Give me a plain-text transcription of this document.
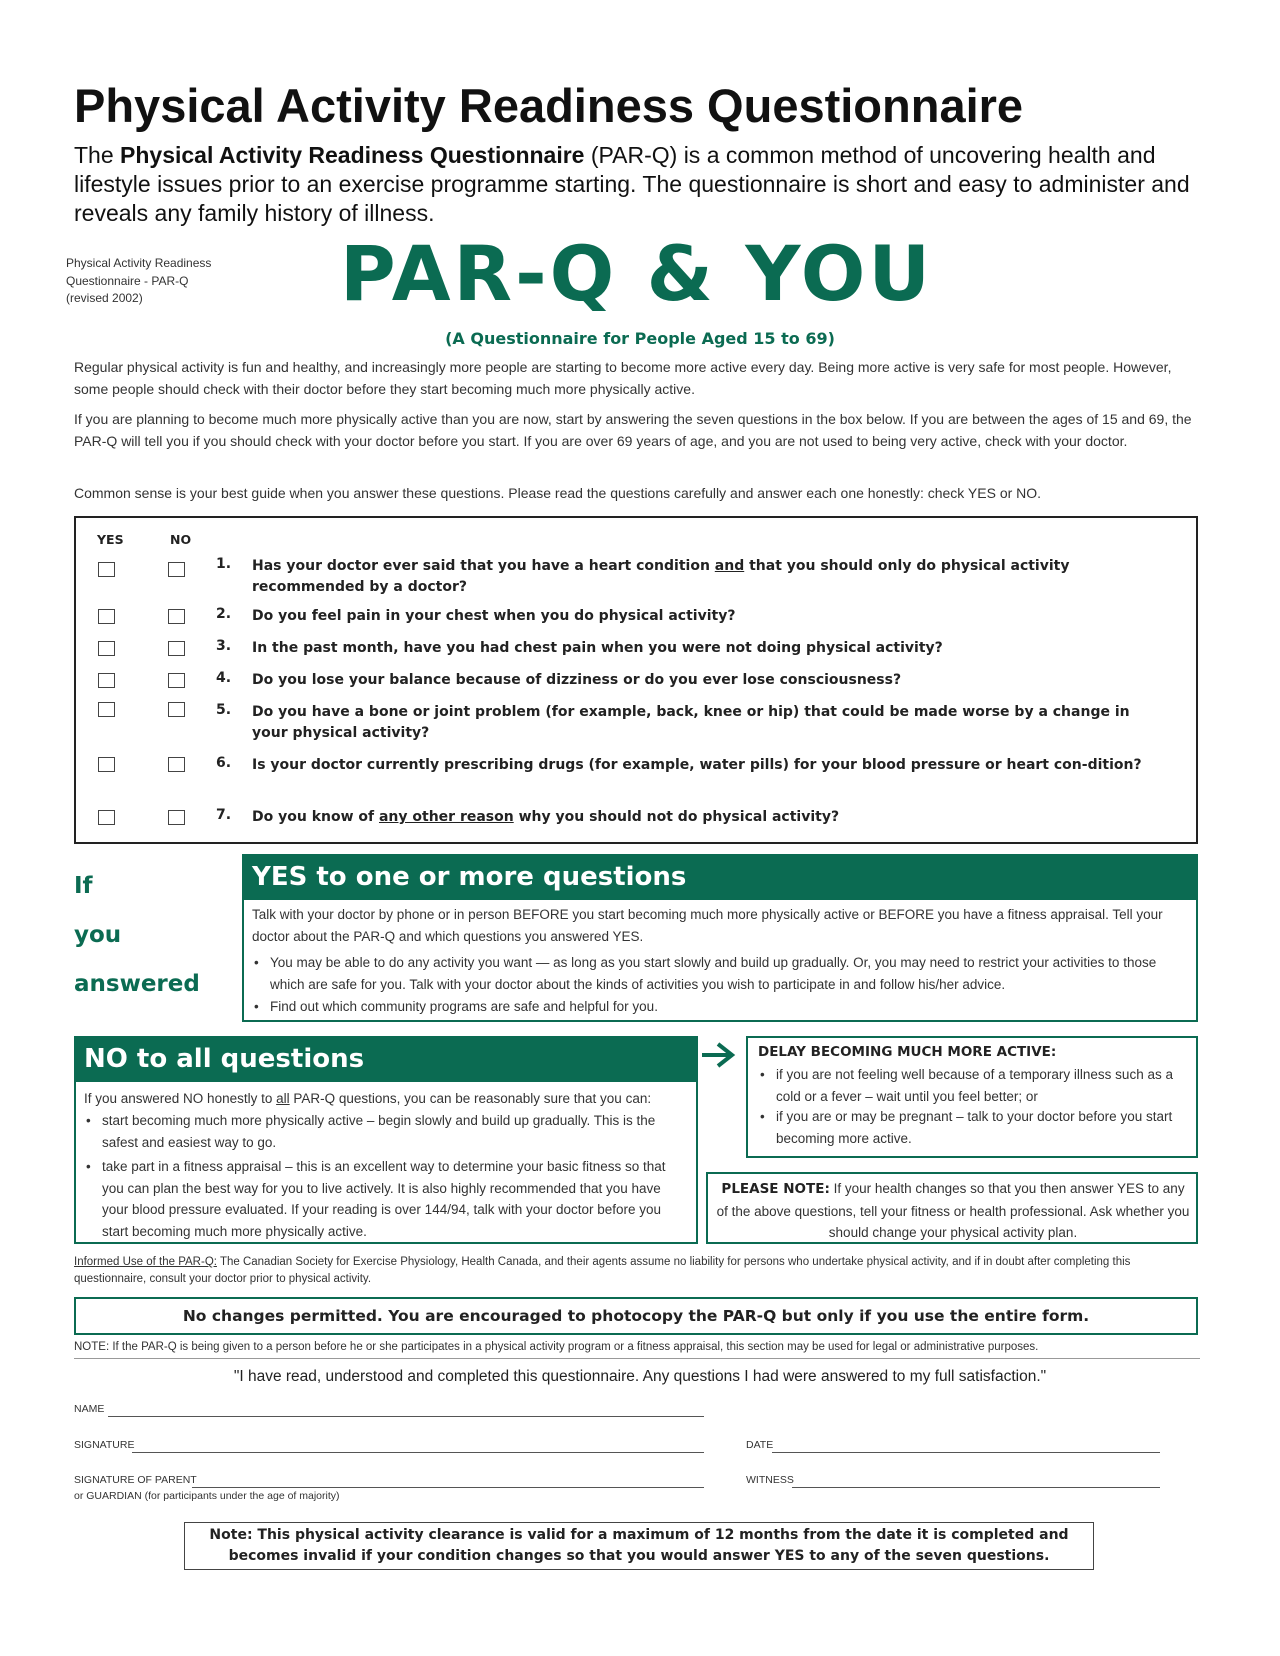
Physical Activity Readiness Questionnaire
The Physical Activity Readiness Questionnaire (PAR-Q) is a common method of uncovering health and lifestyle issues prior to an exercise programme starting. The questionnaire is short and easy to administer and reveals any family history of illness.
Physical Activity Readiness
Questionnaire - PAR-Q
(revised 2002)	PAR-Q & YOU
(A Questionnaire for People Aged 15 to 69)
Regular physical activity is fun and healthy, and increasingly more people are starting to become more active every day. Being more active is very safe for most people. However, some people should check with their doctor before they start becoming much more physically active.
If you are planning to become much more physically active than you are now, start by answering the seven questions in the box below. If you are between the ages of 15 and 69, the PAR-Q will tell you if you should check with your doctor before you start. If you are over 69 years of age, and you are not used to being very active, check with your doctor.
Common sense is your best guide when you answer these questions. Please read the questions carefully and answer each one honestly: check YES or NO.
YES	NO
1. Has your doctor ever said that you have a heart condition and that you should only do physical activity recommended by a doctor?
2. Do you feel pain in your chest when you do physical activity?
3. In the past month, have you had chest pain when you were not doing physical activity?
4. Do you lose your balance because of dizziness or do you ever lose consciousness?
5. Do you have a bone or joint problem (for example, back, knee or hip) that could be made worse by a change in your physical activity?
6. Is your doctor currently prescribing drugs (for example, water pills) for your blood pressure or heart con-dition?
7. Do you know of any other reason why you should not do physical activity?
If
you
answered
YES to one or more questions
Talk with your doctor by phone or in person BEFORE you start becoming much more physically active or BEFORE you have a fitness appraisal. Tell your doctor about the PAR-Q and which questions you answered YES.
• You may be able to do any activity you want — as long as you start slowly and build up gradually. Or, you may need to restrict your activities to those which are safe for you. Talk with your doctor about the kinds of activities you wish to participate in and follow his/her advice.
• Find out which community programs are safe and helpful for you.
NO to all questions
If you answered NO honestly to all PAR-Q questions, you can be reasonably sure that you can:
• start becoming much more physically active – begin slowly and build up gradually. This is the safest and easiest way to go.
• take part in a fitness appraisal – this is an excellent way to determine your basic fitness so that you can plan the best way for you to live actively. It is also highly recommended that you have your blood pressure evaluated. If your reading is over 144/94, talk with your doctor before you start becoming much more physically active.
DELAY BECOMING MUCH MORE ACTIVE:
• if you are not feeling well because of a temporary illness such as a cold or a fever – wait until you feel better; or
• if you are or may be pregnant – talk to your doctor before you start becoming more active.
PLEASE NOTE: If your health changes so that you then answer YES to any of the above questions, tell your fitness or health professional. Ask whether you should change your physical activity plan.
Informed Use of the PAR-Q: The Canadian Society for Exercise Physiology, Health Canada, and their agents assume no liability for persons who undertake physical activity, and if in doubt after completing this questionnaire, consult your doctor prior to physical activity.
No changes permitted. You are encouraged to photocopy the PAR-Q but only if you use the entire form.
NOTE: If the PAR-Q is being given to a person before he or she participates in a physical activity program or a fitness appraisal, this section may be used for legal or administrative purposes.
"I have read, understood and completed this questionnaire. Any questions I had were answered to my full satisfaction."
NAME
SIGNATURE	DATE
SIGNATURE OF PARENT
or GUARDIAN (for participants under the age of majority)
WITNESS
Note: This physical activity clearance is valid for a maximum of 12 months from the date it is completed and
becomes invalid if your condition changes so that you would answer YES to any of the seven questions.
